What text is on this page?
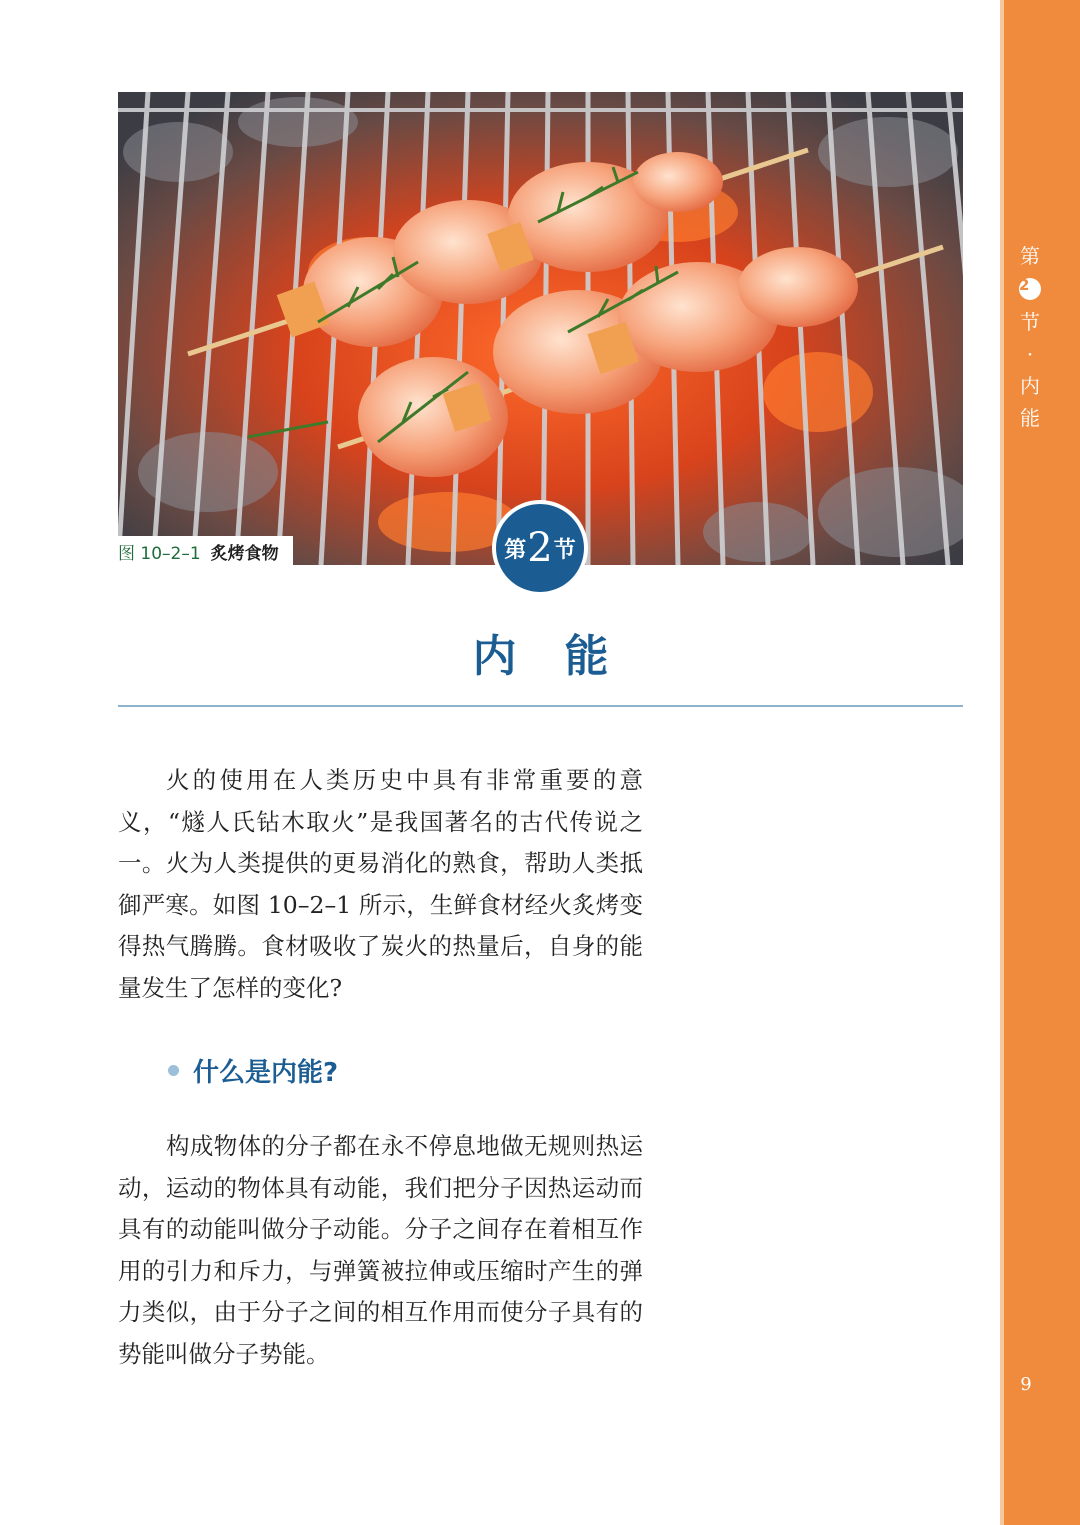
第
2
节
·
内
能
9
图 10–2–1 炙烤食物	第 2 节
内能

火的使用在人类历史中具有非常重要的意义，“燧人氏钻木取火”是我国著名的古代传说之一。火为人类提供的更易消化的熟食，帮助人类抵御严寒。如图 10–2–1 所示，生鲜食材经火炙烤变得热气腾腾。食材吸收了炭火的热量后，自身的能量发生了怎样的变化?

什么是内能?

构成物体的分子都在永不停息地做无规则热运动，运动的物体具有动能，我们把分子因热运动而具有的动能叫做分子动能。分子之间存在着相互作用的引力和斥力，与弹簧被拉伸或压缩时产生的弹力类似，由于分子之间的相互作用而使分子具有的势能叫做分子势能。
